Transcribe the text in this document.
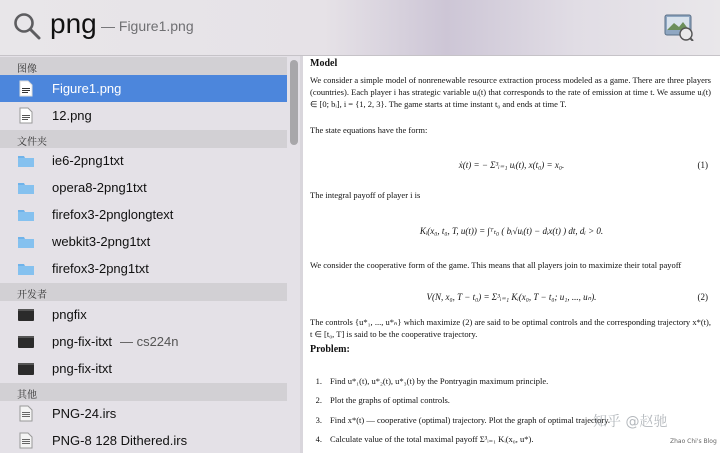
png — Figure1.png
图像
Figure1.png
12.png
文件夹
ie6-2png1txt
opera8-2png1txt
firefox3-2pnglongtext
webkit3-2png1txt
firefox3-2png1txt
开发者
pngfix
png-fix-itxt — cs224n
png-fix-itxt
其他
PNG-24.irs
PNG-8 128 Dithered.irs
Model
We consider a simple model of nonrenewable resource extraction process modeled as a game. There are three players (countries). Each player i has strategic variable uᵢ(t) that corresponds to the rate of emission at time t. We assume uᵢ(t) ∈ [0; bᵢ], i = {1, 2, 3}. The game starts at time instant t₀ and ends at time T.
The state equations have the form:
ẋ(t) = − Σ³ᵢ₌₁ uᵢ(t), x(t₀) = x₀.	(1)
The integral payoff of player i is
Kᵢ(x₀, t₀, T, u(t)) = ∫ᵀₜ₀ ( bᵢ√uᵢ(t) − dᵢx(t) ) dt, dᵢ > 0.
We consider the cooperative form of the game. This means that all players join to maximize their total payoff
V(N, x₀, T − t₀) = Σ³ᵢ₌₁ Kᵢ(x₀, T − t₀; u₁, ..., uₙ).	(2)
The controls {u*₁, ..., u*ₙ} which maximize (2) are said to be optimal controls and the corresponding trajectory x*(t), t ∈ [t₀, T] is said to be the cooperative trajectory.
Problem:
1. Find u*₁(t), u*₂(t), u*₃(t) by the Pontryagin maximum principle.
2. Plot the graphs of optimal controls.
3. Find x*(t) — cooperative (optimal) trajectory. Plot the graph of optimal trajectory.
4. Calculate value of the total maximal payoff Σ³ᵢ₌₁ Kᵢ(x₀, u*).
知乎 @赵驰
Zhao Chi's Blog
